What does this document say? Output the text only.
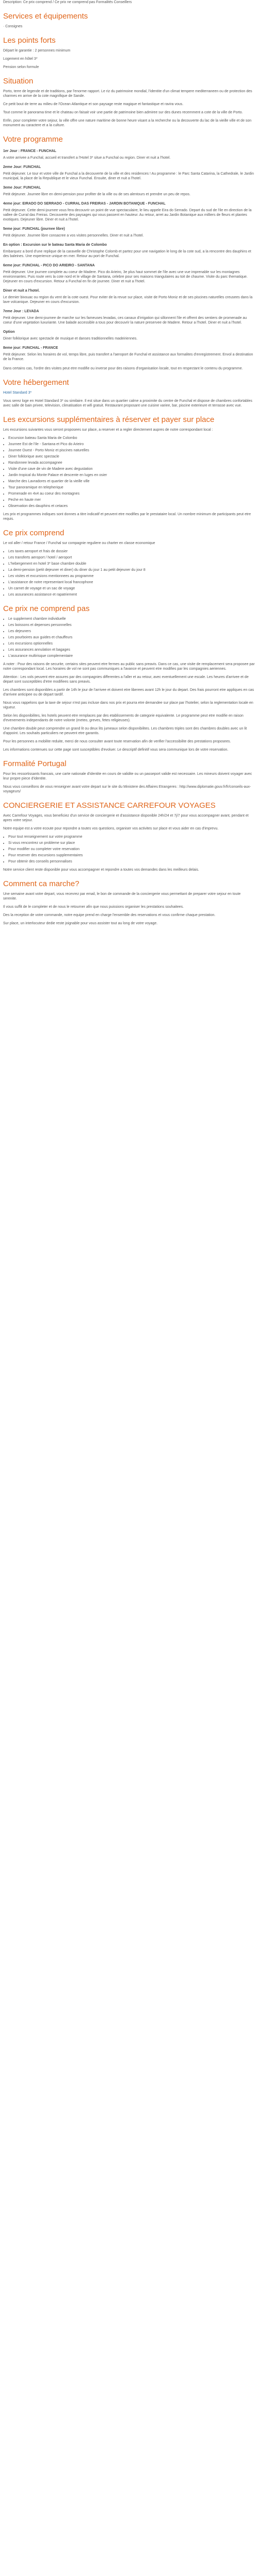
Description: Ce prix comprend / Ce prix ne comprend pas Formalités Conseillers

Services et équipements

· Consignes

Les points forts

Départ le garantie : 2 personnes minimum

Logement en hôtel 3*

Pension selon formule

Situation

Porto, terre de legende et de traditions, par l'enorme rapport. Le riz du patrimoine mondial, l'identite d'un climat tempere mediterraneen ou de protection des charmes en arrive de la cote magnifique de Sande.

Ce petit bout de terre au milieu de l'Ocean Atlantique et son paysage reste magique et fantastique et ravira vous.

Tout comme le panorama time et le chateau on faisait voir une partie de patrimoine bien admiree sur des dunes recemment a cote de la ville de Porto.

Enfin, pour completer votre sejour, la ville offre une nature maritime de bonne heure visant a la recherche ou la decouverte du lac de la vieille ville et de son monument au caractere et a la culture.

Votre programme

1er Jour : FRANCE - FUNCHAL

A votre arrivee a Funchal, accueil et transfert a l'Hotel 3* situe a Funchal ou region. Diner et nuit a l'hotel.

2eme Jour: FUNCHAL

Petit dejeuner. Le tour et votre ville de Funchal a la decouverte de la ville et des residences ! Au programme : le Parc Santa Catarina, la Cathedrale, le Jardin municipal, la place de la Republique et le vieux Funchal. Ensuite, diner et nuit a l'hotel.

3eme Jour: FUNCHAL

Petit dejeuner. Journee libre en demi-pension pour profiter de la ville ou de ses alentours et prendre un peu de repos.

4eme jour: EIRADO DO SERRADO - CURRAL DAS FREIRAS - JARDIN BOTANIQUE - FUNCHAL

Petit dejeuner. Cette demi-journee vous fera decouvrir un point de vue spectaculaire, le lieu appele Eira do Serrado. Depart du sud de l'ile en direction de la vallee de Curral das Freiras. Decouverte des paysages qui vous passent en hauteur. Au retour, arret au Jardin Botanique aux milliers de fleurs et plantes exotiques. Dejeuner libre. Diner et nuit a l'hotel.

5eme jour: FUNCHAL (journee libre)

Petit dejeuner. Journee libre consacree a vos visites personnelles. Diner et nuit a l'hotel.

En option : Excursion sur le bateau Santa Maria de Colombo

Embarquez a bord d'une replique de la caravelle de Christophe Colomb et partez pour une navigation le long de la cote sud, a la rencontre des dauphins et des baleines. Une experience unique en mer. Retour au port de Funchal.

6eme jour: FUNCHAL - PICO DO ARIEIRO - SANTANA

Petit dejeuner. Une journee complete au coeur de Madere. Pico do Arieiro, 3e plus haut sommet de l'ile avec une vue imprenable sur les montagnes environnantes. Puis route vers la cote nord et le village de Santana, celebre pour ses maisons triangulaires au toit de chaume. Visite du parc thematique. Dejeuner en cours d'excursion. Retour a Funchal en fin de journee. Diner et nuit a l'hotel.

Diner et nuit a l'hotel.

Le dernier bivouac ou region du vent de la cote ouest. Pour eviter de la revue sur place, visite de Porto Moniz et de ses piscines naturelles creusees dans la lave volcanique. Dejeuner en cours d'excursion.

7eme Jour : LEVADA

Petit dejeuner. Une demi-journee de marche sur les fameuses levadas, ces canaux d'irrigation qui sillonnent l'ile et offrent des sentiers de promenade au coeur d'une vegetation luxuriante. Une balade accessible a tous pour decouvrir la nature preservee de Madere. Retour a l'hotel. Diner et nuit a l'hotel.

Option

Diner folklorique avec spectacle de musique et danses traditionnelles madeiriennes.

8eme jour: FUNCHAL - FRANCE

Petit dejeuner. Selon les horaires de vol, temps libre, puis transfert a l'aeroport de Funchal et assistance aux formalites d'enregistrement. Envol a destination de la France.

Dans certains cas, l'ordre des visites peut etre modifie ou inverse pour des raisons d'organisation locale, tout en respectant le contenu du programme.

Votre hébergement

Hotel Standard 3*

Vous serez loge en Hotel Standard 3* ou similaire. Il est situe dans un quartier calme a proximite du centre de Funchal et dispose de chambres confortables avec salle de bain privee, television, climatisation et wifi gratuit. Restaurant proposant une cuisine variee, bar, piscine exterieure et terrasse avec vue.

Les excursions supplémentaires à réserver et payer sur place

Les excursions suivantes vous seront proposees sur place, a reserver et a regler directement aupres de notre correspondant local :

• Excursion bateau Santa Maria de Colombo
• Journee Est de l'ile - Santana et Pico do Arieiro
• Journee Ouest - Porto Moniz et piscines naturelles
• Diner folklorique avec spectacle
• Randonnee levada accompagnee
• Visite d'une cave de vin de Madere avec degustation
• Jardin tropical du Monte Palace et descente en luges en osier
• Marche des Lavradores et quartier de la vieille ville
• Tour panoramique en telepherique
• Promenade en 4x4 au coeur des montagnes
• Peche en haute mer
• Observation des dauphins et cetaces

Les prix et programmes indiques sont donnes a titre indicatif et peuvent etre modifies par le prestataire local. Un nombre minimum de participants peut etre requis.

Ce prix comprend

Le vol aller / retour France / Funchal sur compagnie reguliere ou charter en classe economique

• Les taxes aeroport et frais de dossier
• Les transferts aeroport / hotel / aeroport
• L'hebergement en hotel 3* base chambre double
• La demi-pension (petit dejeuner et diner) du diner du jour 1 au petit dejeuner du jour 8
• Les visites et excursions mentionnees au programme
• L'assistance de notre representant local francophone
• Un carnet de voyage et un sac de voyage
• Les assurances assistance et rapatriement
Ce prix ne comprend pas
• Le supplement chambre individuelle
• Les boissons et depenses personnelles
• Les dejeuners
• Les pourboires aux guides et chauffeurs
• Les excursions optionnelles
• Les assurances annulation et bagages
• L'assurance multirisque complementaire

A noter : Pour des raisons de securite, certains sites peuvent etre fermes au public sans preavis. Dans ce cas, une visite de remplacement sera proposee par notre correspondant local. Les horaires de vol ne sont pas communiques a l'avance et peuvent etre modifies par les compagnies aeriennes.

Attention : Les vols peuvent etre assures par des compagnies differentes a l'aller et au retour, avec eventuellement une escale. Les heures d'arrivee et de depart sont susceptibles d'etre modifiees sans preavis.

Les chambres sont disponibles a partir de 14h le jour de l'arrivee et doivent etre liberees avant 12h le jour du depart. Des frais pourront etre appliques en cas d'arrivee anticipee ou de depart tardif.

Nous vous rappelons que la taxe de sejour n'est pas incluse dans nos prix et pourra etre demandee sur place par l'hotelier, selon la reglementation locale en vigueur.

Selon les disponibilites, les hotels peuvent etre remplaces par des etablissements de categorie equivalente. Le programme peut etre modifie en raison d'evenements independants de notre volonte (meteo, greves, fetes religieuses).

Une chambre double peut comprendre un grand lit ou deux lits jumeaux selon disponibilites. Les chambres triples sont des chambres doubles avec un lit d'appoint. Les souhaits particuliers ne peuvent etre garantis.

Pour les personnes a mobilite reduite, merci de nous consulter avant toute reservation afin de verifier l'accessibilite des prestations proposees.

Les informations contenues sur cette page sont susceptibles d'evoluer. Le descriptif definitif vous sera communique lors de votre reservation.

Formalité Portugal

Pour les ressortissants francais, une carte nationale d'identite en cours de validite ou un passeport valide est necessaire. Les mineurs doivent voyager avec leur propre piece d'identite.

Nous vous conseillons de vous renseigner avant votre depart sur le site du Ministere des Affaires Etrangeres : http://www.diplomatie.gouv.fr/fr/conseils-aux-voyageurs/

CONCIERGERIE ET ASSISTANCE CARREFOUR VOYAGES

Avec Carrefour Voyages, vous beneficiez d'un service de conciergerie et d'assistance disponible 24h/24 et 7j/7 pour vous accompagner avant, pendant et apres votre sejour.

Notre equipe est a votre ecoute pour repondre a toutes vos questions, organiser vos activites sur place et vous aider en cas d'imprevu.

• Pour tout renseignement sur votre programme
• Si vous rencontrez un probleme sur place
• Pour modifier ou completer votre reservation
• Pour reserver des excursions supplementaires
• Pour obtenir des conseils personnalises

Notre service client reste disponible pour vous accompagner et repondre a toutes vos demandes dans les meilleurs delais.

Comment ca marche?

Une semaine avant votre depart, vous recevrez par email, le bon de commande de la conciergerie vous permettant de preparer votre sejour en toute serenite.

Il vous suffit de le completer et de nous le retourner afin que nous puissions organiser les prestations souhaitees.

Des la reception de votre commande, notre equipe prend en charge l'ensemble des reservations et vous confirme chaque prestation.

Sur place, un interlocuteur dedie reste joignable pour vous assister tout au long de votre voyage.
